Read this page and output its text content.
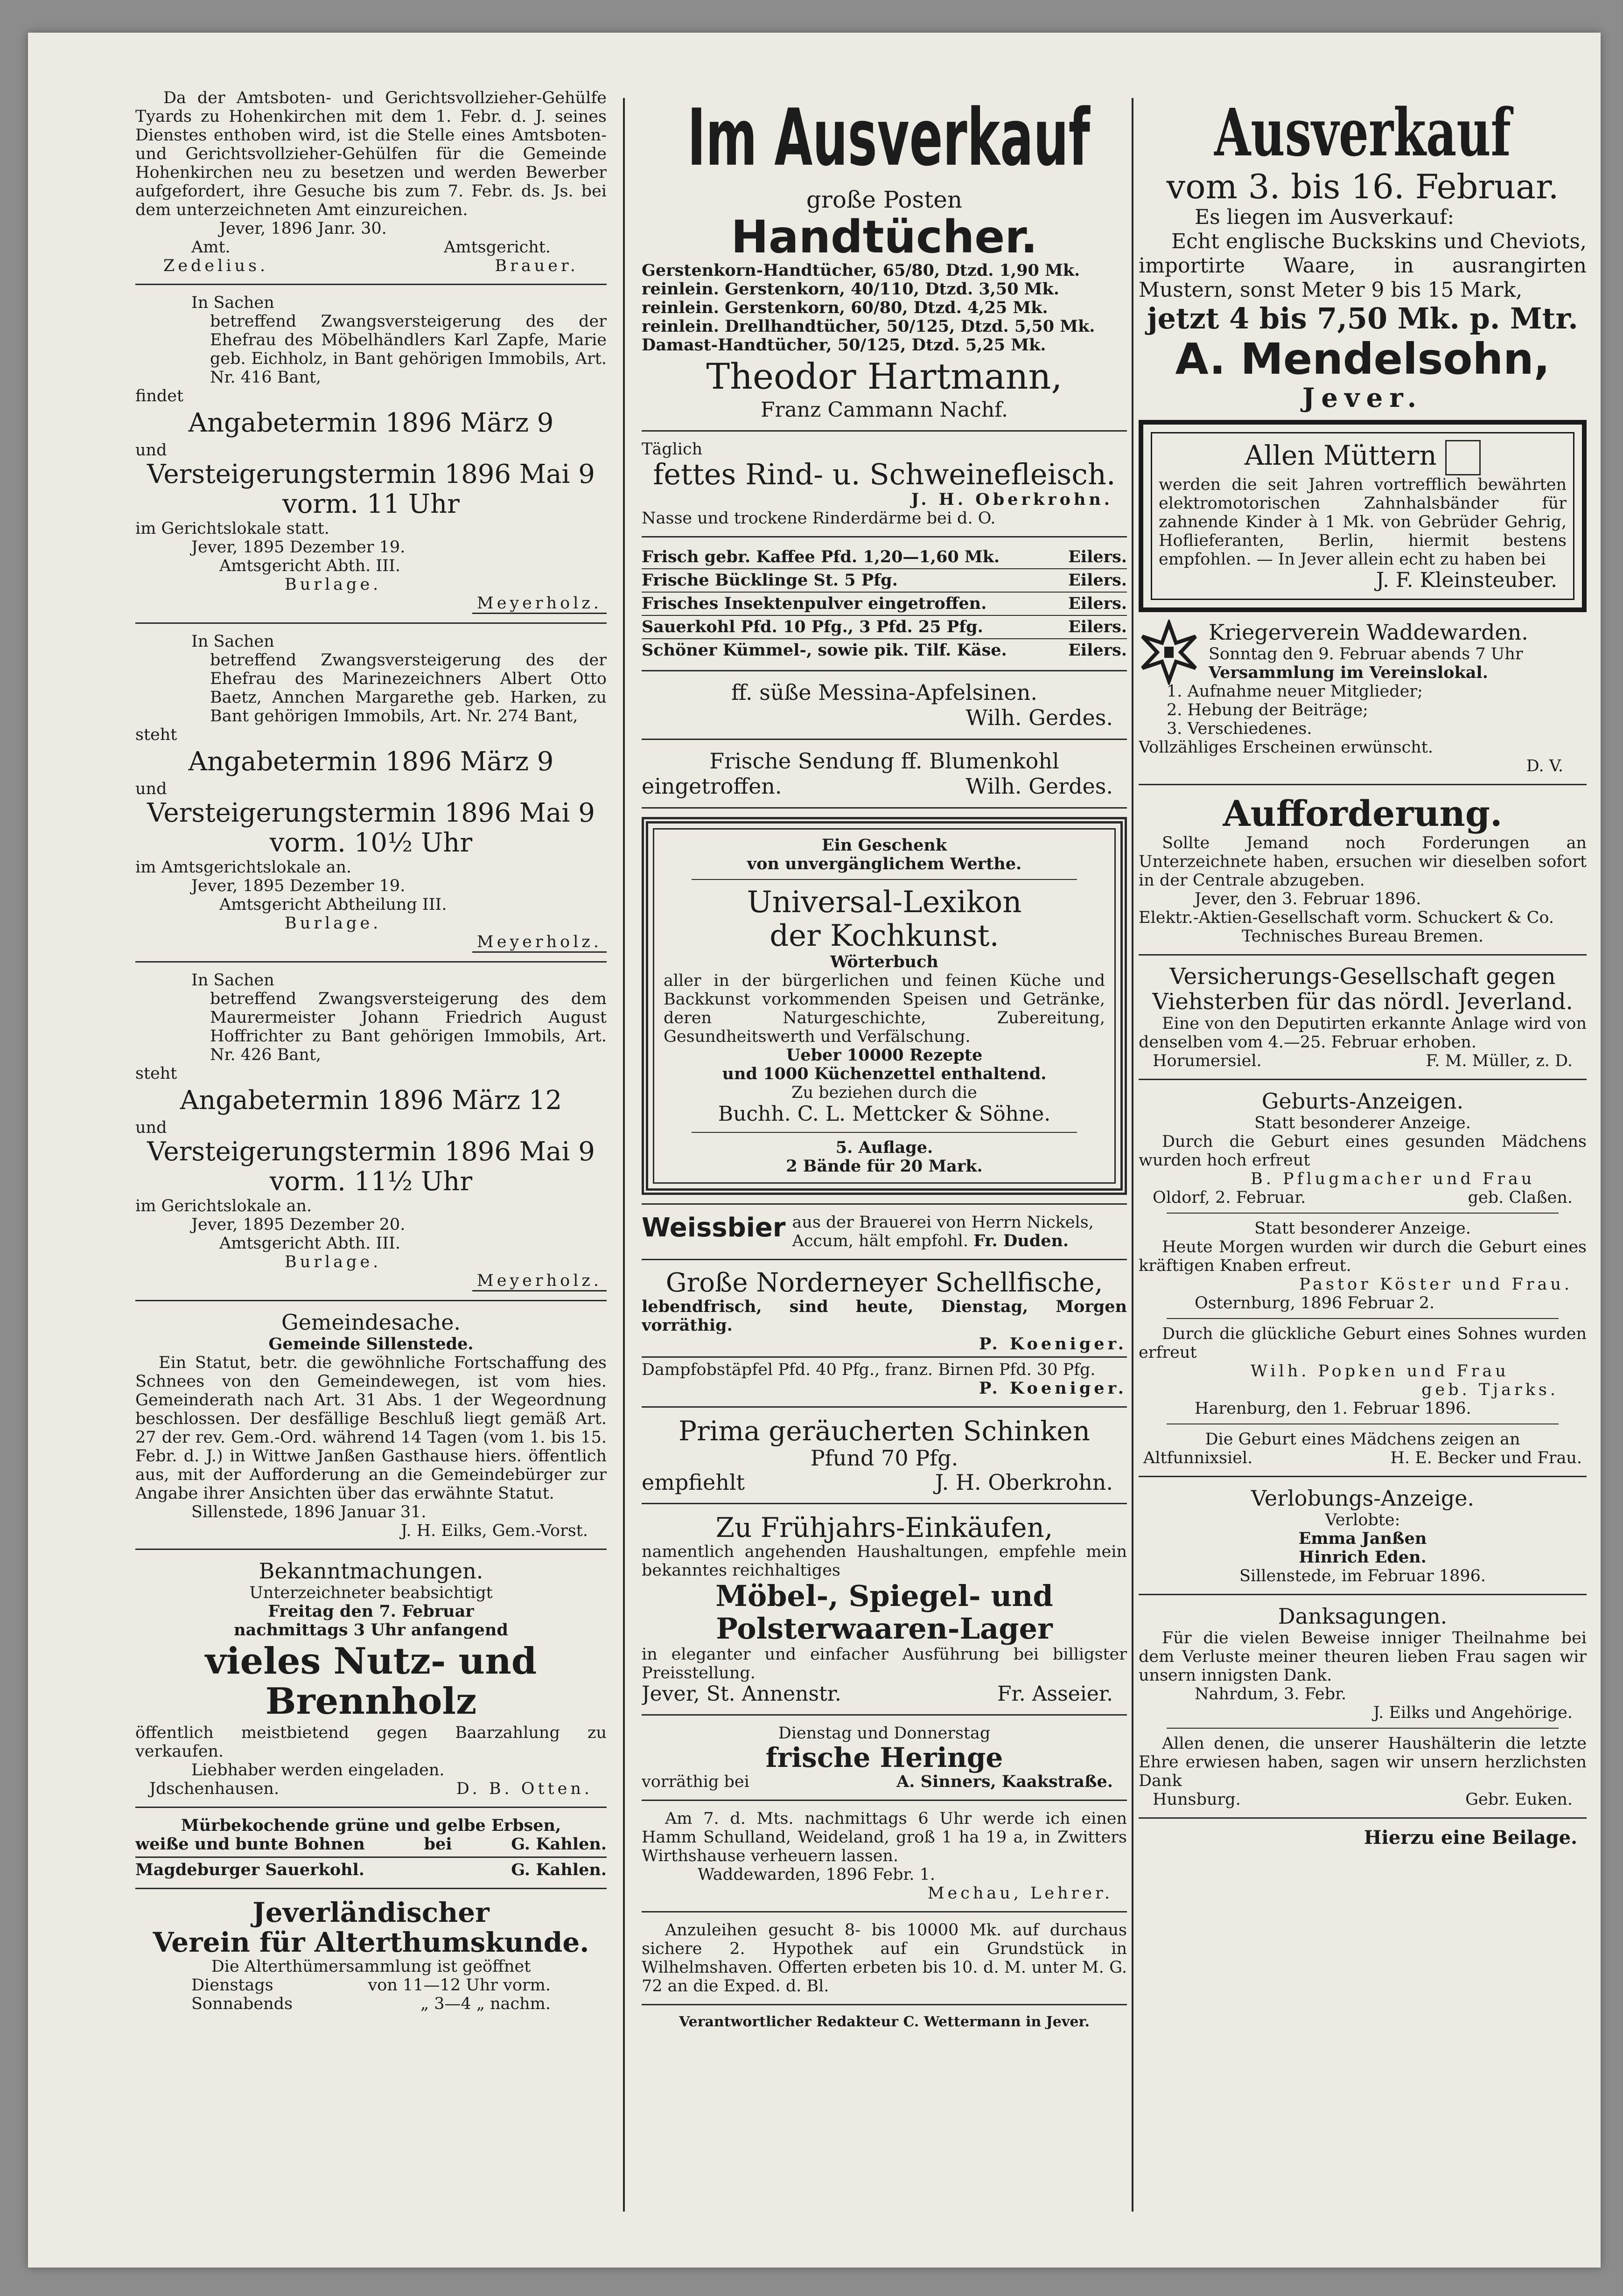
Da der Amtsboten- und Gerichtsvollzieher-Gehülfe Tyards zu Hohenkirchen mit dem 1. Febr. d. J. seines Dienstes enthoben wird, ist die Stelle eines Amtsboten- und Gerichtsvollzieher-Gehülfen für die Gemeinde Hohenkirchen neu zu besetzen und werden Bewerber aufgefordert, ihre Gesuche bis zum 7. Febr. ds. Js. bei dem unterzeichneten Amt einzureichen.

Jever, 1896 Janr. 30.

Amt.	Amtsgericht.
Zedelius.	Brauer.

In Sachen

betreffend Zwangsversteigerung des der Ehefrau des Möbelhändlers Karl Zapfe, Marie geb. Eichholz, in Bant gehörigen Immobils, Art. Nr. 416 Bant,

findet

Angabetermin 1896 März 9

und

Versteigerungstermin 1896 Mai 9

vorm. 11 Uhr

im Gerichtslokale statt.

Jever, 1895 Dezember 19.

Amtsgericht Abth. III.

Burlage.

Meyerholz.

In Sachen

betreffend Zwangsversteigerung des der Ehefrau des Marinezeichners Albert Otto Baetz, Annchen Margarethe geb. Harken, zu Bant gehörigen Immobils, Art. Nr. 274 Bant,

steht

Angabetermin 1896 März 9

und

Versteigerungstermin 1896 Mai 9

vorm. 10½ Uhr

im Amtsgerichtslokale an.

Jever, 1895 Dezember 19.

Amtsgericht Abtheilung III.

Burlage.

Meyerholz.

In Sachen

betreffend Zwangsversteigerung des dem Maurermeister Johann Friedrich August Hoffrichter zu Bant gehörigen Immobils, Art. Nr. 426 Bant,

steht

Angabetermin 1896 März 12

und

Versteigerungstermin 1896 Mai 9

vorm. 11½ Uhr

im Gerichtslokale an.

Jever, 1895 Dezember 20.

Amtsgericht Abth. III.

Burlage.

Meyerholz.

Gemeindesache.

Gemeinde Sillenstede.

Ein Statut, betr. die gewöhnliche Fortschaffung des Schnees von den Gemeindewegen, ist vom hies. Gemeinderath nach Art. 31 Abs. 1 der Wegeordnung beschlossen. Der desfällige Beschluß liegt gemäß Art. 27 der rev. Gem.-Ord. während 14 Tagen (vom 1. bis 15. Febr. d. J.) in Wittwe Janßen Gasthause hiers. öffentlich aus, mit der Aufforderung an die Gemeindebürger zur Angabe ihrer Ansichten über das erwähnte Statut.

Sillenstede, 1896 Januar 31.

J. H. Eilks, Gem.-Vorst.

Bekanntmachungen.

Unterzeichneter beabsichtigt

Freitag den 7. Februar

nachmittags 3 Uhr anfangend

vieles Nutz- und Brennholz

öffentlich meistbietend gegen Baarzahlung zu verkaufen.

Liebhaber werden eingeladen.

Jdschenhausen.	D. B. Otten.

Mürbekochende grüne und gelbe Erbsen,

weiße und bunte Bohnen	bei	G. Kahlen.
Magdeburger Sauerkohl.	G. Kahlen.

Jeverländischer

Verein für Alterthumskunde.

Die Alterthümersammlung ist geöffnet

Dienstags	von 11—12 Uhr vorm.
Sonnabends	„ 3—4 „ nachm.
Im Ausverkauf

große Posten

Handtücher.

Gerstenkorn-Handtücher, 65/80, Dtzd. 1,90 Mk.

reinlein. Gerstenkorn, 40/110, Dtzd. 3,50 Mk.

reinlein. Gerstenkorn, 60/80, Dtzd. 4,25 Mk.

reinlein. Drellhandtücher, 50/125, Dtzd. 5,50 Mk.

Damast-Handtücher, 50/125, Dtzd. 5,25 Mk.

Theodor Hartmann,

Franz Cammann Nachf.

Täglich

fettes Rind- u. Schweinefleisch.

J. H. Oberkrohn.

Nasse und trockene Rinderdärme bei d. O.

Frisch gebr. Kaffee Pfd. 1,20—1,60 Mk.	Eilers.
Frische Bücklinge St. 5 Pfg.	Eilers.
Frisches Insektenpulver eingetroffen.	Eilers.
Sauerkohl Pfd. 10 Pfg., 3 Pfd. 25 Pfg.	Eilers.
Schöner Kümmel-, sowie pik. Tilf. Käse.	Eilers.

ff. süße Messina-Apfelsinen.

Wilh. Gerdes.

Frische Sendung ff. Blumenkohl

eingetroffen.	Wilh. Gerdes.

Ein Geschenk

von unvergänglichem Werthe.

Universal-Lexikon

der Kochkunst.

Wörterbuch

aller in der bürgerlichen und feinen Küche und Backkunst vorkommenden Speisen und Getränke, deren Naturgeschichte, Zubereitung, Gesundheitswerth und Verfälschung.

Ueber 10000 Rezepte

und 1000 Küchenzettel enthaltend.

Zu beziehen durch die

Buchh. C. L. Mettcker & Söhne.

5. Auflage.

2 Bände für 20 Mark.

Weissbier aus der Brauerei von Herrn Nickels, Accum, hält empfohl. Fr. Duden.

Große Norderneyer Schellfische,

lebendfrisch, sind heute, Dienstag, Morgen vorräthig.

P. Koeniger.

Dampfobstäpfel Pfd. 40 Pfg., franz. Birnen Pfd. 30 Pfg.

P. Koeniger.

Prima geräucherten Schinken

Pfund 70 Pfg.

empfiehlt	J. H. Oberkrohn.

Zu Frühjahrs-Einkäufen,

namentlich angehenden Haushaltungen, empfehle mein bekanntes reichhaltiges

Möbel-, Spiegel- und Polsterwaaren-Lager

in eleganter und einfacher Ausführung bei billigster Preisstellung.

Jever, St. Annenstr.	Fr. Asseier.

Dienstag und Donnerstag

frische Heringe

vorräthig bei	A. Sinners, Kaakstraße.

Am 7. d. Mts. nachmittags 6 Uhr werde ich einen Hamm Schulland, Weideland, groß 1 ha 19 a, in Zwitters Wirthshause verheuern lassen.

Waddewarden, 1896 Febr. 1.

Mechau, Lehrer.

Anzuleihen gesucht 8- bis 10000 Mk. auf durchaus sichere 2. Hypothek auf ein Grundstück in Wilhelmshaven. Offerten erbeten bis 10. d. M. unter M. G. 72 an die Exped. d. Bl.

Verantwortlicher Redakteur C. Wettermann in Jever.

Ausverkauf

vom 3. bis 16. Februar.

Es liegen im Ausverkauf:

Echt englische Buckskins und Cheviots, importirte Waare, in ausrangirten Mustern, sonst Meter 9 bis 15 Mark,

jetzt 4 bis 7,50 Mk. p. Mtr.

A. Mendelsohn,

Jever.

Allen Müttern

werden die seit Jahren vortrefflich bewährten elektromotorischen Zahnhalsbänder für zahnende Kinder à 1 Mk. von Gebrüder Gehrig, Hoflieferanten, Berlin, hiermit bestens empfohlen. — In Jever allein echt zu haben bei

J. F. Kleinsteuber.

Kriegerverein Waddewarden.

Sonntag den 9. Februar abends 7 Uhr

Versammlung im Vereinslokal.

1. Aufnahme neuer Mitglieder;

2. Hebung der Beiträge;

3. Verschiedenes.

Vollzähliges Erscheinen erwünscht.

D. V.

Aufforderung.

Sollte Jemand noch Forderungen an Unterzeichnete haben, ersuchen wir dieselben sofort in der Centrale abzugeben.

Jever, den 3. Februar 1896.

Elektr.-Aktien-Gesellschaft vorm. Schuckert & Co.

Technisches Bureau Bremen.

Versicherungs-Gesellschaft gegen

Viehsterben für das nördl. Jeverland.

Eine von den Deputirten erkannte Anlage wird von denselben vom 4.—25. Februar erhoben.

Horumersiel.	F. M. Müller, z. D.

Geburts-Anzeigen.

Statt besonderer Anzeige.

Durch die Geburt eines gesunden Mädchens wurden hoch erfreut

B. Pflugmacher und Frau

Oldorf, 2. Februar.	geb. Claßen.

Statt besonderer Anzeige.

Heute Morgen wurden wir durch die Geburt eines kräftigen Knaben erfreut.

Pastor Köster und Frau.

Osternburg, 1896 Februar 2.

Durch die glückliche Geburt eines Sohnes wurden erfreut

Wilh. Popken und Frau

geb. Tjarks.

Harenburg, den 1. Februar 1896.

Die Geburt eines Mädchens zeigen an

Altfunnixsiel.	H. E. Becker und Frau.

Verlobungs-Anzeige.

Verlobte:

Emma Janßen

Hinrich Eden.

Sillenstede, im Februar 1896.

Danksagungen.

Für die vielen Beweise inniger Theilnahme bei dem Verluste meiner theuren lieben Frau sagen wir unsern innigsten Dank.

Nahrdum, 3. Febr.

J. Eilks und Angehörige.

Allen denen, die unserer Haushälterin die letzte Ehre erwiesen haben, sagen wir unsern herzlichsten Dank

Hunsburg.	Gebr. Euken.

Hierzu eine Beilage.
